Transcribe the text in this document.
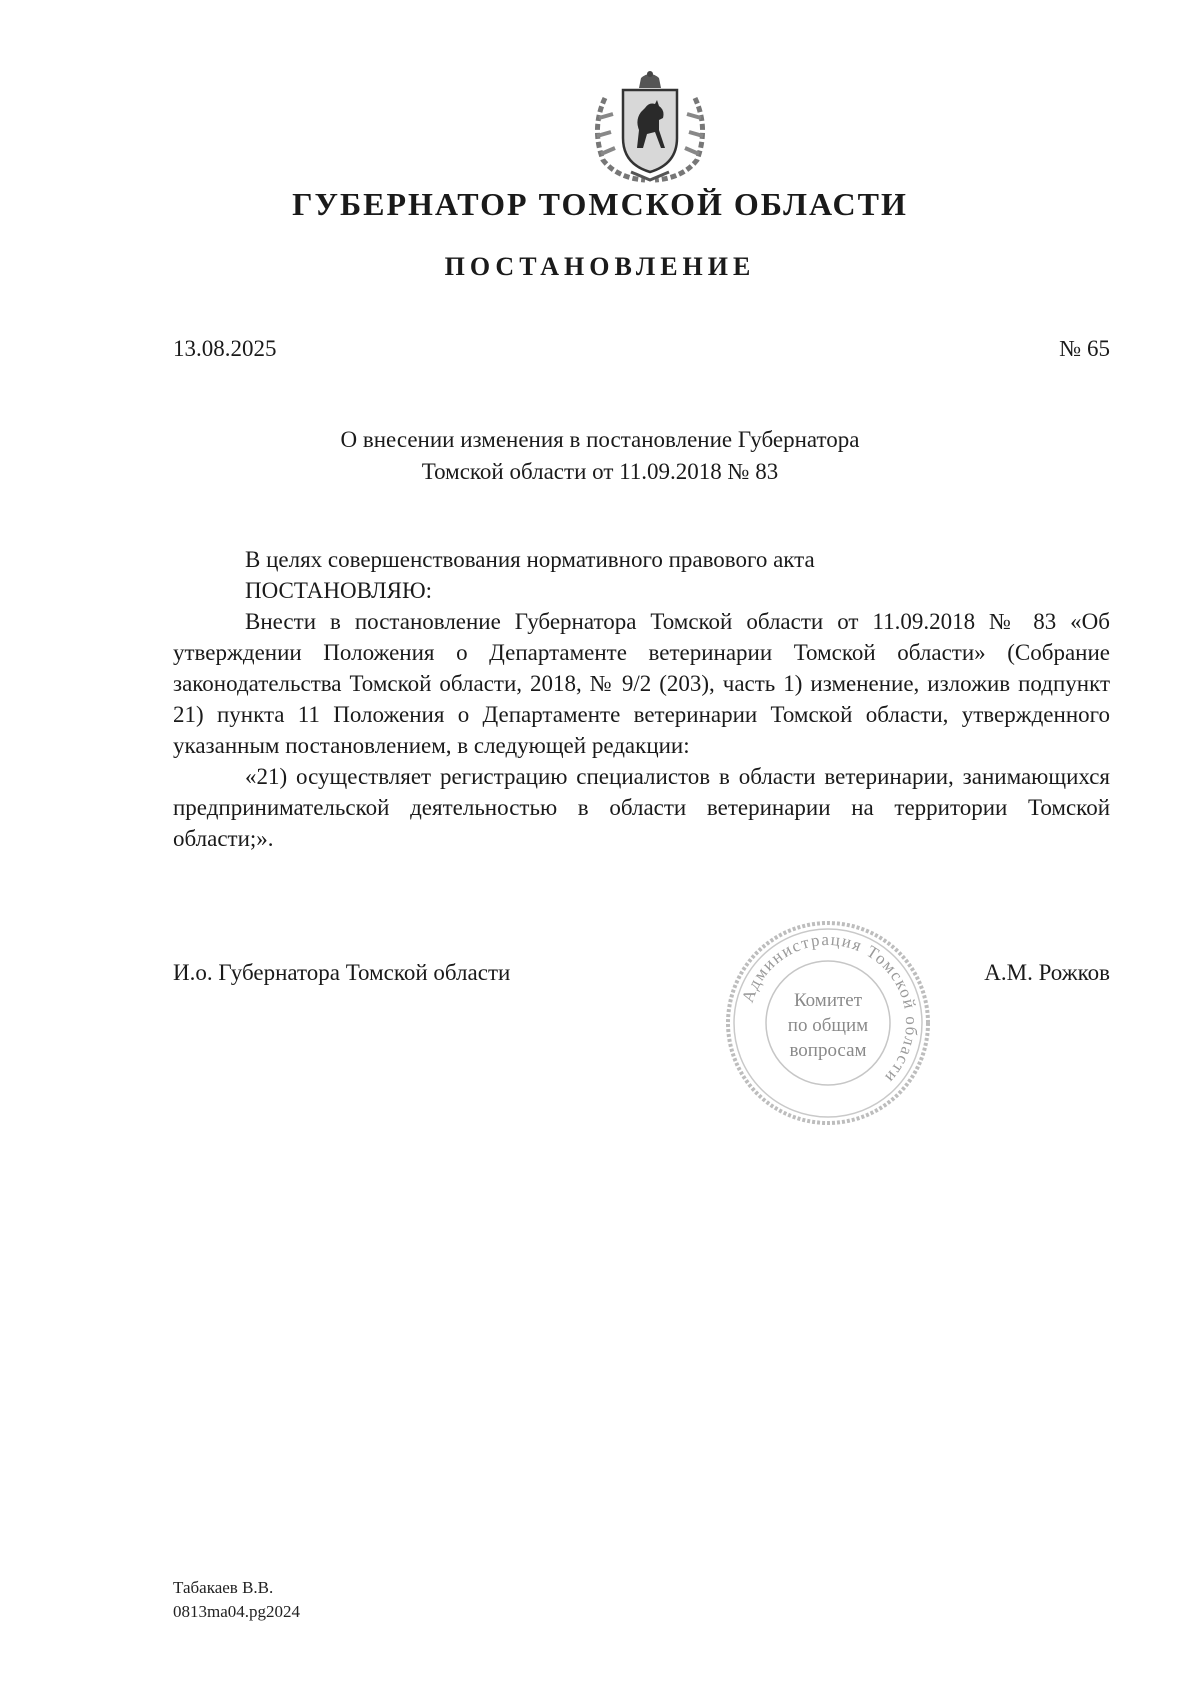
ГУБЕРНАТОР ТОМСКОЙ ОБЛАСТИ
ПОСТАНОВЛЕНИЕ
13.08.2025	№ 65
О внесении изменения в постановление Губернатора
Томской области от 11.09.2018 № 83

В целях совершенствования нормативного правового акта

ПОСТАНОВЛЯЮ:

Внести в постановление Губернатора Томской области от 11.09.2018 № 83 «Об утверждении Положения о Департаменте ветеринарии Томской области» (Собрание законодательства Томской области, 2018, № 9/2 (203), часть 1) изменение, изложив подпункт 21) пункта 11 Положения о Департаменте ветеринарии Томской области, утвержденного указанным постановлением, в следующей редакции:

«21) осуществляет регистрацию специалистов в области ветеринарии, занимающихся предпринимательской деятельностью в области ветеринарии на территории Томской области;».

И.о. Губернатора Томской области	А.М. Рожков
Администрация Томской области
Комитет
по общим
вопросам
Табакаев В.В.
0813ma04.pg2024
